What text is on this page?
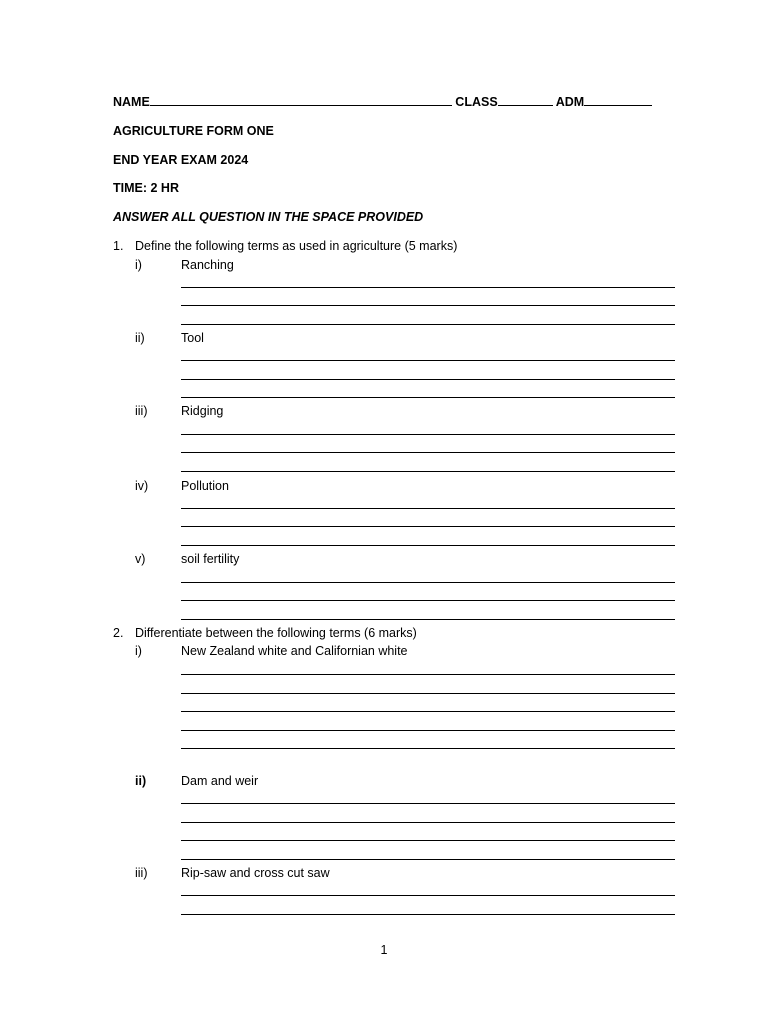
NAME	CLASS	ADM
AGRICULTURE FORM ONE
END YEAR EXAM 2024
TIME: 2 HR
ANSWER ALL QUESTION IN THE SPACE PROVIDED
1. Define the following terms as used in agriculture (5 marks)
i)	Ranching
ii)	Tool
iii)	Ridging
iv)	Pollution
v)	soil fertility
2. Differentiate between the following terms (6 marks)
i)	New Zealand white and Californian white
ii)	Dam and weir
iii)	Rip-saw and cross cut saw
1
